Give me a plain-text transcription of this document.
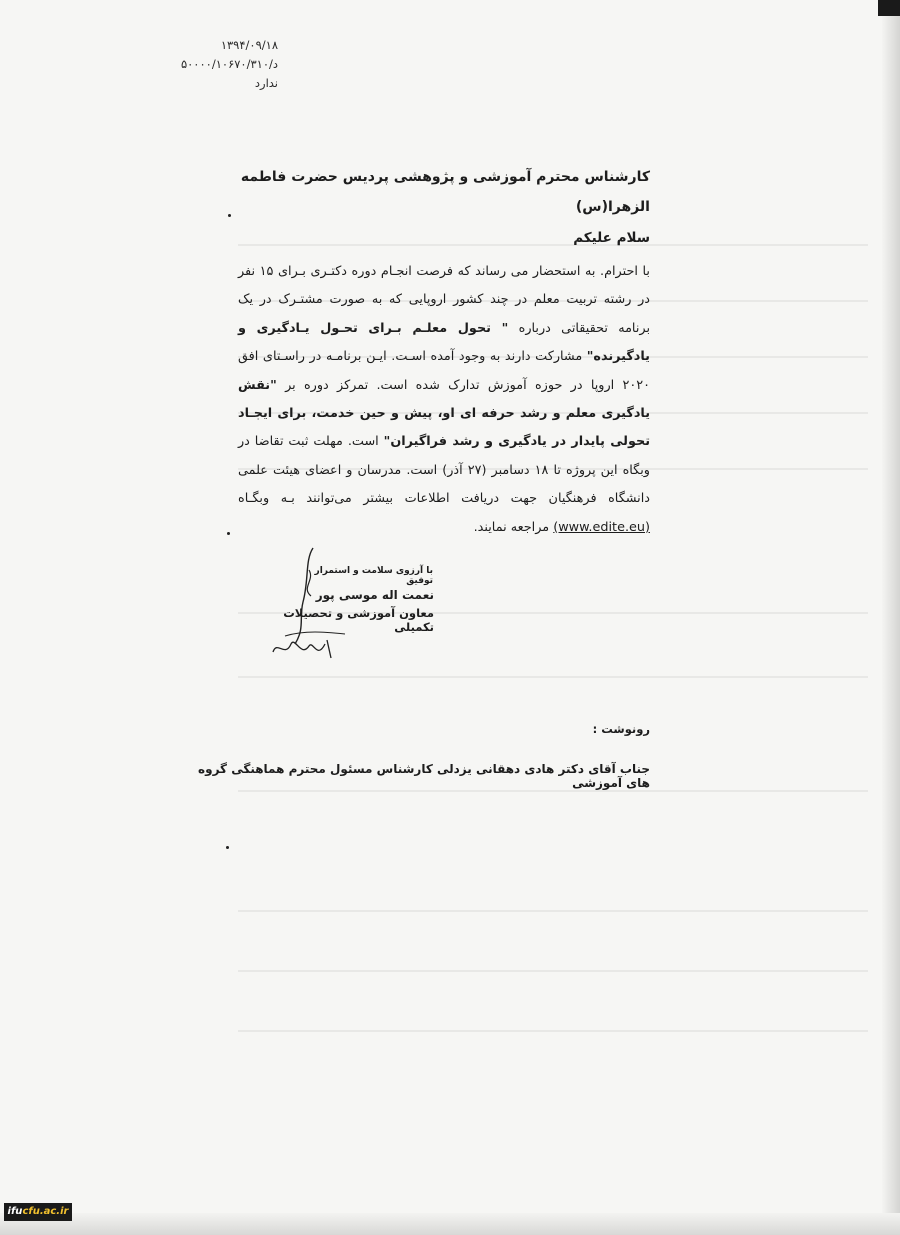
۱۳۹۴/۰۹/۱۸
د/۵۰۰۰۰/۱۰۶۷۰/۳۱۰
ندارد
کارشناس محترم آموزشی و پژوهشی پردیس حضرت فاطمه الزهرا(س)
سلام علیکم
با احترام. به استحضار می رساند که فرصت انجـام دوره دکتـری بـرای ۱۵ نفر در رشته تربیت معلم در چند کشور اروپایی که به صورت مشتـرک در یک برنامه تحقیقاتی درباره " تحول معلـم بـرای تحـول یـادگیری و یادگیرنده" مشارکت دارند به وجود آمده اسـت. ایـن برنامـه در راسـتای افق ۲۰۲۰ اروپا در حوزه آموزش تدارک شده است. تمرکز دوره بر "نقش یادگیری معلم و رشد حرفه ای او، پیش و حین خدمت، برای ایجـاد تحولی پایدار در یادگیری و رشد فراگیران" است. مهلت ثبت تقاضا در وبگاه این پروژه تا ۱۸ دسامبر (۲۷ آذر) است. مدرسان و اعضای هیئت علمی دانشگاه فرهنگیان جهت دریافت اطلاعات بیشتر می‌توانند بـه وبگـاه (www.edite.eu) مراجعه نمایند.
با آرزوی سلامت و استمرار توفیق
نعمت اله موسی پور
معاون آموزشی و تحصیلات تکمیلی
رونوشت :
جناب آقای دکتر هادی دهقانی یزدلی کارشناس مسئول محترم هماهنگی گروه های آموزشی
ifucfu.ac.ir
